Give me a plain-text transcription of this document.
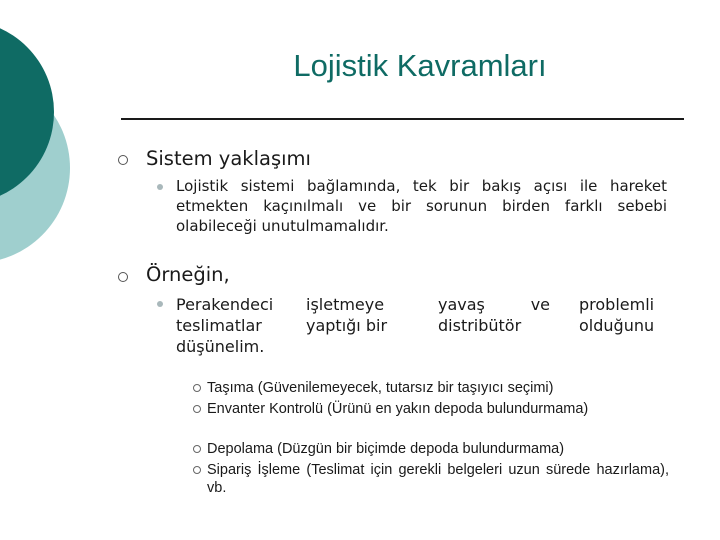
Lojistik Kavramları
Sistem yaklaşımı
Lojistik sistemi bağlamında, tek bir bakış açısı ile hareket etmekten kaçınılmalı ve bir sorunun birden farklı sebebi olabileceği unutulmamalıdır.
Örneğin,
Perakendeci teslimatlar düşünelim.
işletmeye yaptığı bir
yavaş ve distribütör
problemli olduğunu
Taşıma (Güvenilemeyecek, tutarsız bir taşıyıcı seçimi)
Envanter Kontrolü (Ürünü en yakın depoda bulundurmama)
Depolama (Düzgün bir biçimde depoda bulundurmama)
Sipariş İşleme (Teslimat için gerekli belgeleri uzun sürede hazırlama), vb.
